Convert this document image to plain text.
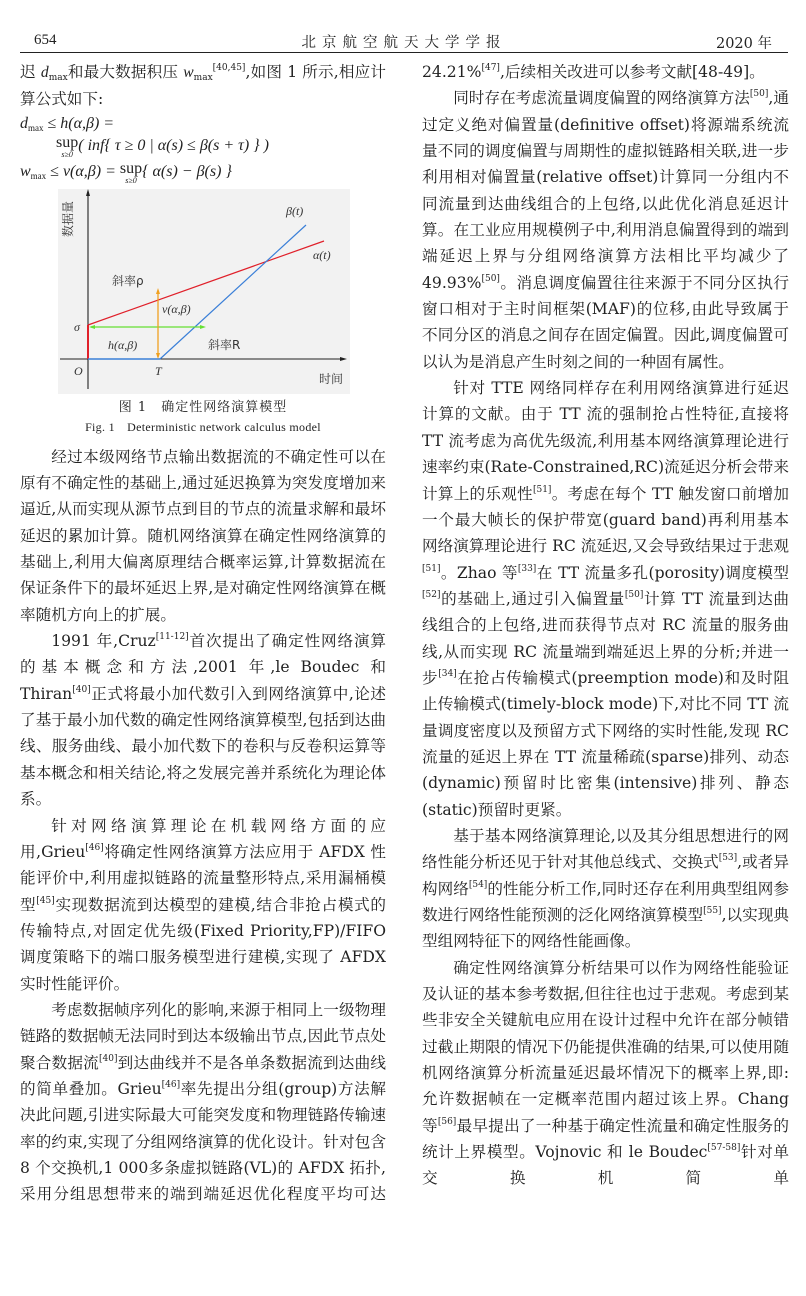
654	北京航空航天大学学报	2020 年

迟 $d_{max}$和最大数据积压 $w_{max}[40,45]$,如图 1 所示,相应计算公式如下:

$d_{max} \le h(\alpha,\beta)$ =
sup
s≥0
( inf{ τ ≥ 0 | α(s) ≤ β(s + τ) } )
$w_{max} \le v(\alpha,\beta)$ = sup
s≥0
{ α(s) − β(s) }
数据量
时间
O
σ
T
β(t)
α(t)
斜率ρ
斜率R
h(α,β)
v(α,β)
图 1　确定性网络演算模型
Fig. 1　Deterministic network calculus model

经过本级网络节点输出数据流的不确定性可以在原有不确定性的基础上,通过延迟换算为突发度增加来逼近,从而实现从源节点到目的节点的流量求解和最坏延迟的累加计算。随机网络演算在确定性网络演算的基础上,利用大偏离原理结合概率运算,计算数据流在保证条件下的最坏延迟上界,是对确定性网络演算在概率随机方向上的扩展。

1991 年,Cruz[11-12]首次提出了确定性网络演算的基本概念和方法,2001 年,le Boudec 和 Thiran[40]正式将最小加代数引入到网络演算中,论述了基于最小加代数的确定性网络演算模型,包括到达曲线、服务曲线、最小加代数下的卷积与反卷积运算等基本概念和相关结论,将之发展完善并系统化为理论体系。

针对网络演算理论在机载网络方面的应用,Grieu[46]将确定性网络演算方法应用于 AFDX 性能评价中,利用虚拟链路的流量整形特点,采用漏桶模型[45]实现数据流到达模型的建模,结合非抢占模式的传输特点,对固定优先级(Fixed Priority,FP)/FIFO 调度策略下的端口服务模型进行建模,实现了 AFDX 实时性能评价。

考虑数据帧序列化的影响,来源于相同上一级物理链路的数据帧无法同时到达本级输出节点,因此节点处聚合数据流[40]到达曲线并不是各单条数据流到达曲线的简单叠加。Grieu[46]率先提出分组(group)方法解决此问题,引进实际最大可能突发度和物理链路传输速率的约束,实现了分组网络演算的优化设计。针对包含 8 个交换机,1 000多条虚拟链路(VL)的 AFDX 拓扑,采用分组思想带来的端到端延迟优化程度平均可达

24.21%[47],后续相关改进可以参考文献[48-49]。

同时存在考虑流量调度偏置的网络演算方法[50],通过定义绝对偏置量(definitive offset)将源端系统流量不同的调度偏置与周期性的虚拟链路相关联,进一步利用相对偏置量(relative offset)计算同一分组内不同流量到达曲线组合的上包络,以此优化消息延迟计算。在工业应用规模例子中,利用消息偏置得到的端到端延迟上界与分组网络演算方法相比平均减少了49.93%[50]。消息调度偏置往往来源于不同分区执行窗口相对于主时间框架(MAF)的位移,由此导致属于不同分区的消息之间存在固定偏置。因此,调度偏置可以认为是消息产生时刻之间的一种固有属性。

针对 TTE 网络同样存在利用网络演算进行延迟计算的文献。由于 TT 流的强制抢占性特征,直接将 TT 流考虑为高优先级流,利用基本网络演算理论进行速率约束(Rate-Constrained,RC)流延迟分析会带来计算上的乐观性[51]。考虑在每个 TT 触发窗口前增加一个最大帧长的保护带宽(guard band)再利用基本网络演算理论进行 RC 流延迟,又会导致结果过于悲观[51]。Zhao 等[33]在 TT 流量多孔(porosity)调度模型[52]的基础上,通过引入偏置量[50]计算 TT 流量到达曲线组合的上包络,进而获得节点对 RC 流量的服务曲线,从而实现 RC 流量端到端延迟上界的分析;并进一步[34]在抢占传输模式(preemption mode)和及时阻止传输模式(timely-block mode)下,对比不同 TT 流量调度密度以及预留方式下网络的实时性能,发现 RC 流量的延迟上界在 TT 流量稀疏(sparse)排列、动态(dynamic)预留时比密集(intensive)排列、静态(static)预留时更紧。

基于基本网络演算理论,以及其分组思想进行的网络性能分析还见于针对其他总线式、交换式[53],或者异构网络[54]的性能分析工作,同时还存在利用典型组网参数进行网络性能预测的泛化网络演算模型[55],以实现典型组网特征下的网络性能画像。

确定性网络演算分析结果可以作为网络性能验证及认证的基本参考数据,但往往也过于悲观。考虑到某些非安全关键航电应用在设计过程中允许在部分帧错过截止期限的情况下仍能提供准确的结果,可以使用随机网络演算分析流量延迟最坏情况下的概率上界,即:允许数据帧在一定概率范围内超过该上界。Chang 等[56]最早提出了一种基于确定性流量和确定性服务的统计上界模型。Vojnovic 和 le Boudec[57-58]针对单交换机简单
